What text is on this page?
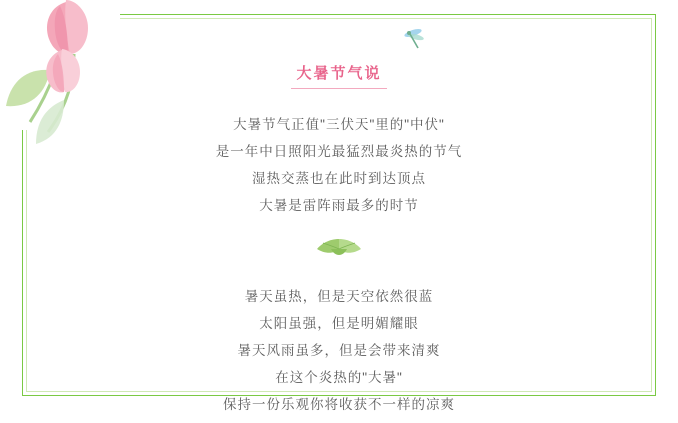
大暑节气说
大暑节气正值"三伏天"里的"中伏"
是一年中日照阳光最猛烈最炎热的节气
湿热交蒸也在此时到达顶点
大暑是雷阵雨最多的时节
暑天虽热，但是天空依然很蓝
太阳虽强，但是明媚耀眼
暑天风雨虽多，但是会带来清爽
在这个炎热的"大暑"
保持一份乐观你将收获不一样的凉爽
